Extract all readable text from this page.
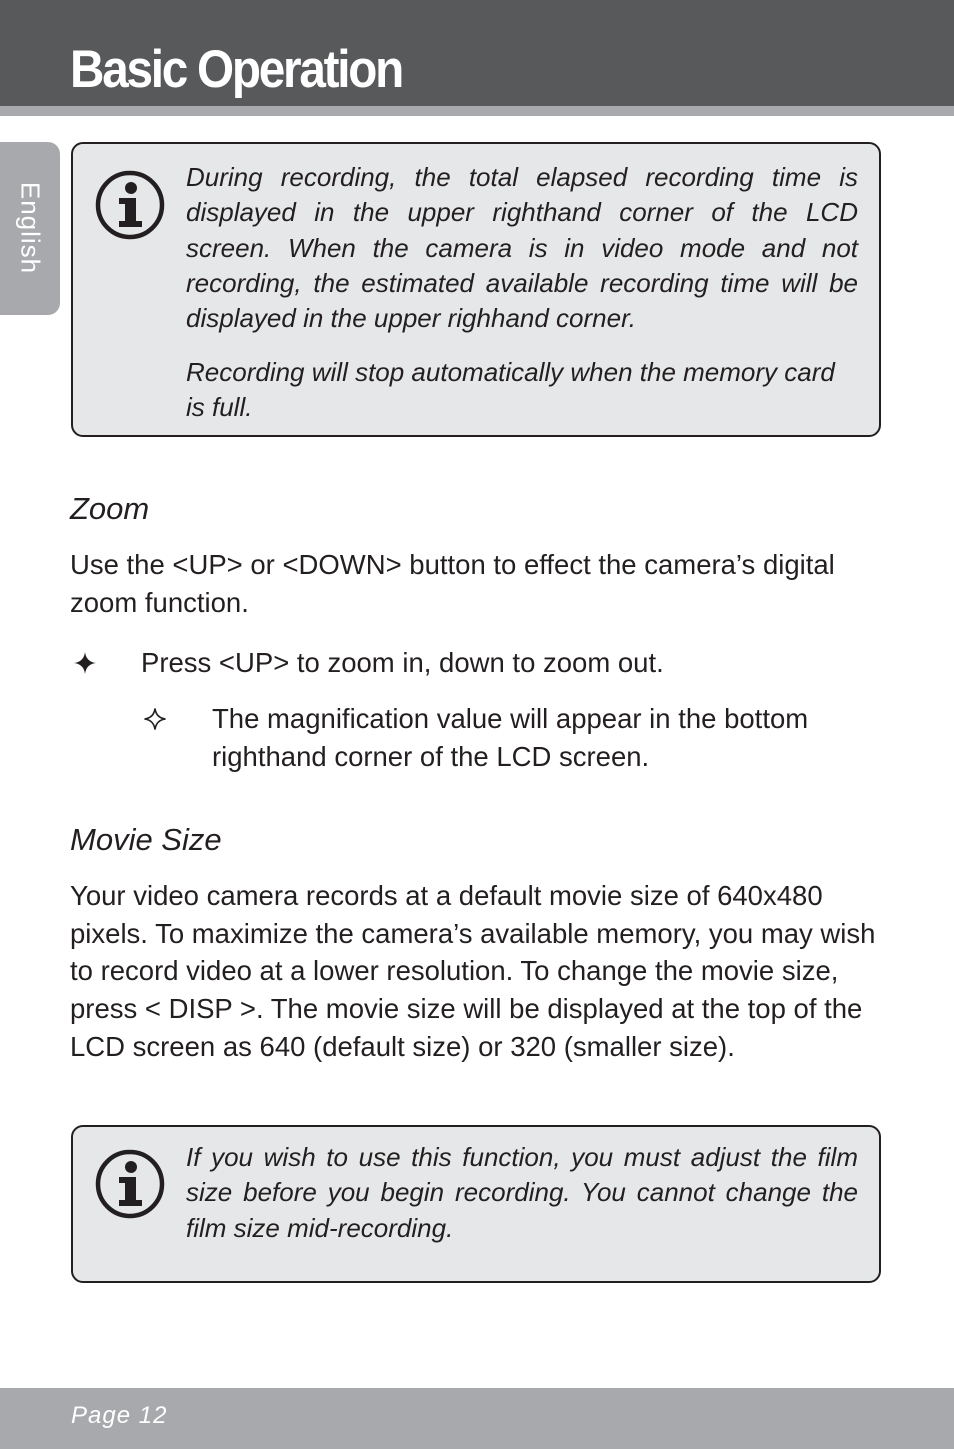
Basic Operation
English

During recording, the total elapsed recording time is displayed in the upper righthand corner of the LCD screen. When the camera is in video mode and not recording, the estimated available recording time will be displayed in the upper righhand corner.

Recording will stop automatically when the memory card is full.

Zoom

Use the <UP> or <DOWN> button to effect the camera’s digital zoom function.

Press <UP> to zoom in, down to zoom out.

The magnification value will appear in the bottom righthand corner of the LCD screen.

Movie Size

Your video camera records at a default movie size of 640x480 pixels. To maximize the camera’s available memory, you may wish to record video at a lower resolution. To change the movie size, press < DISP >. The movie size will be displayed at the top of the LCD screen as 640 (default size) or 320 (smaller size).

If you wish to use this function, you must adjust the film size before you begin recording. You cannot change the film size mid-recording.

Page 12
